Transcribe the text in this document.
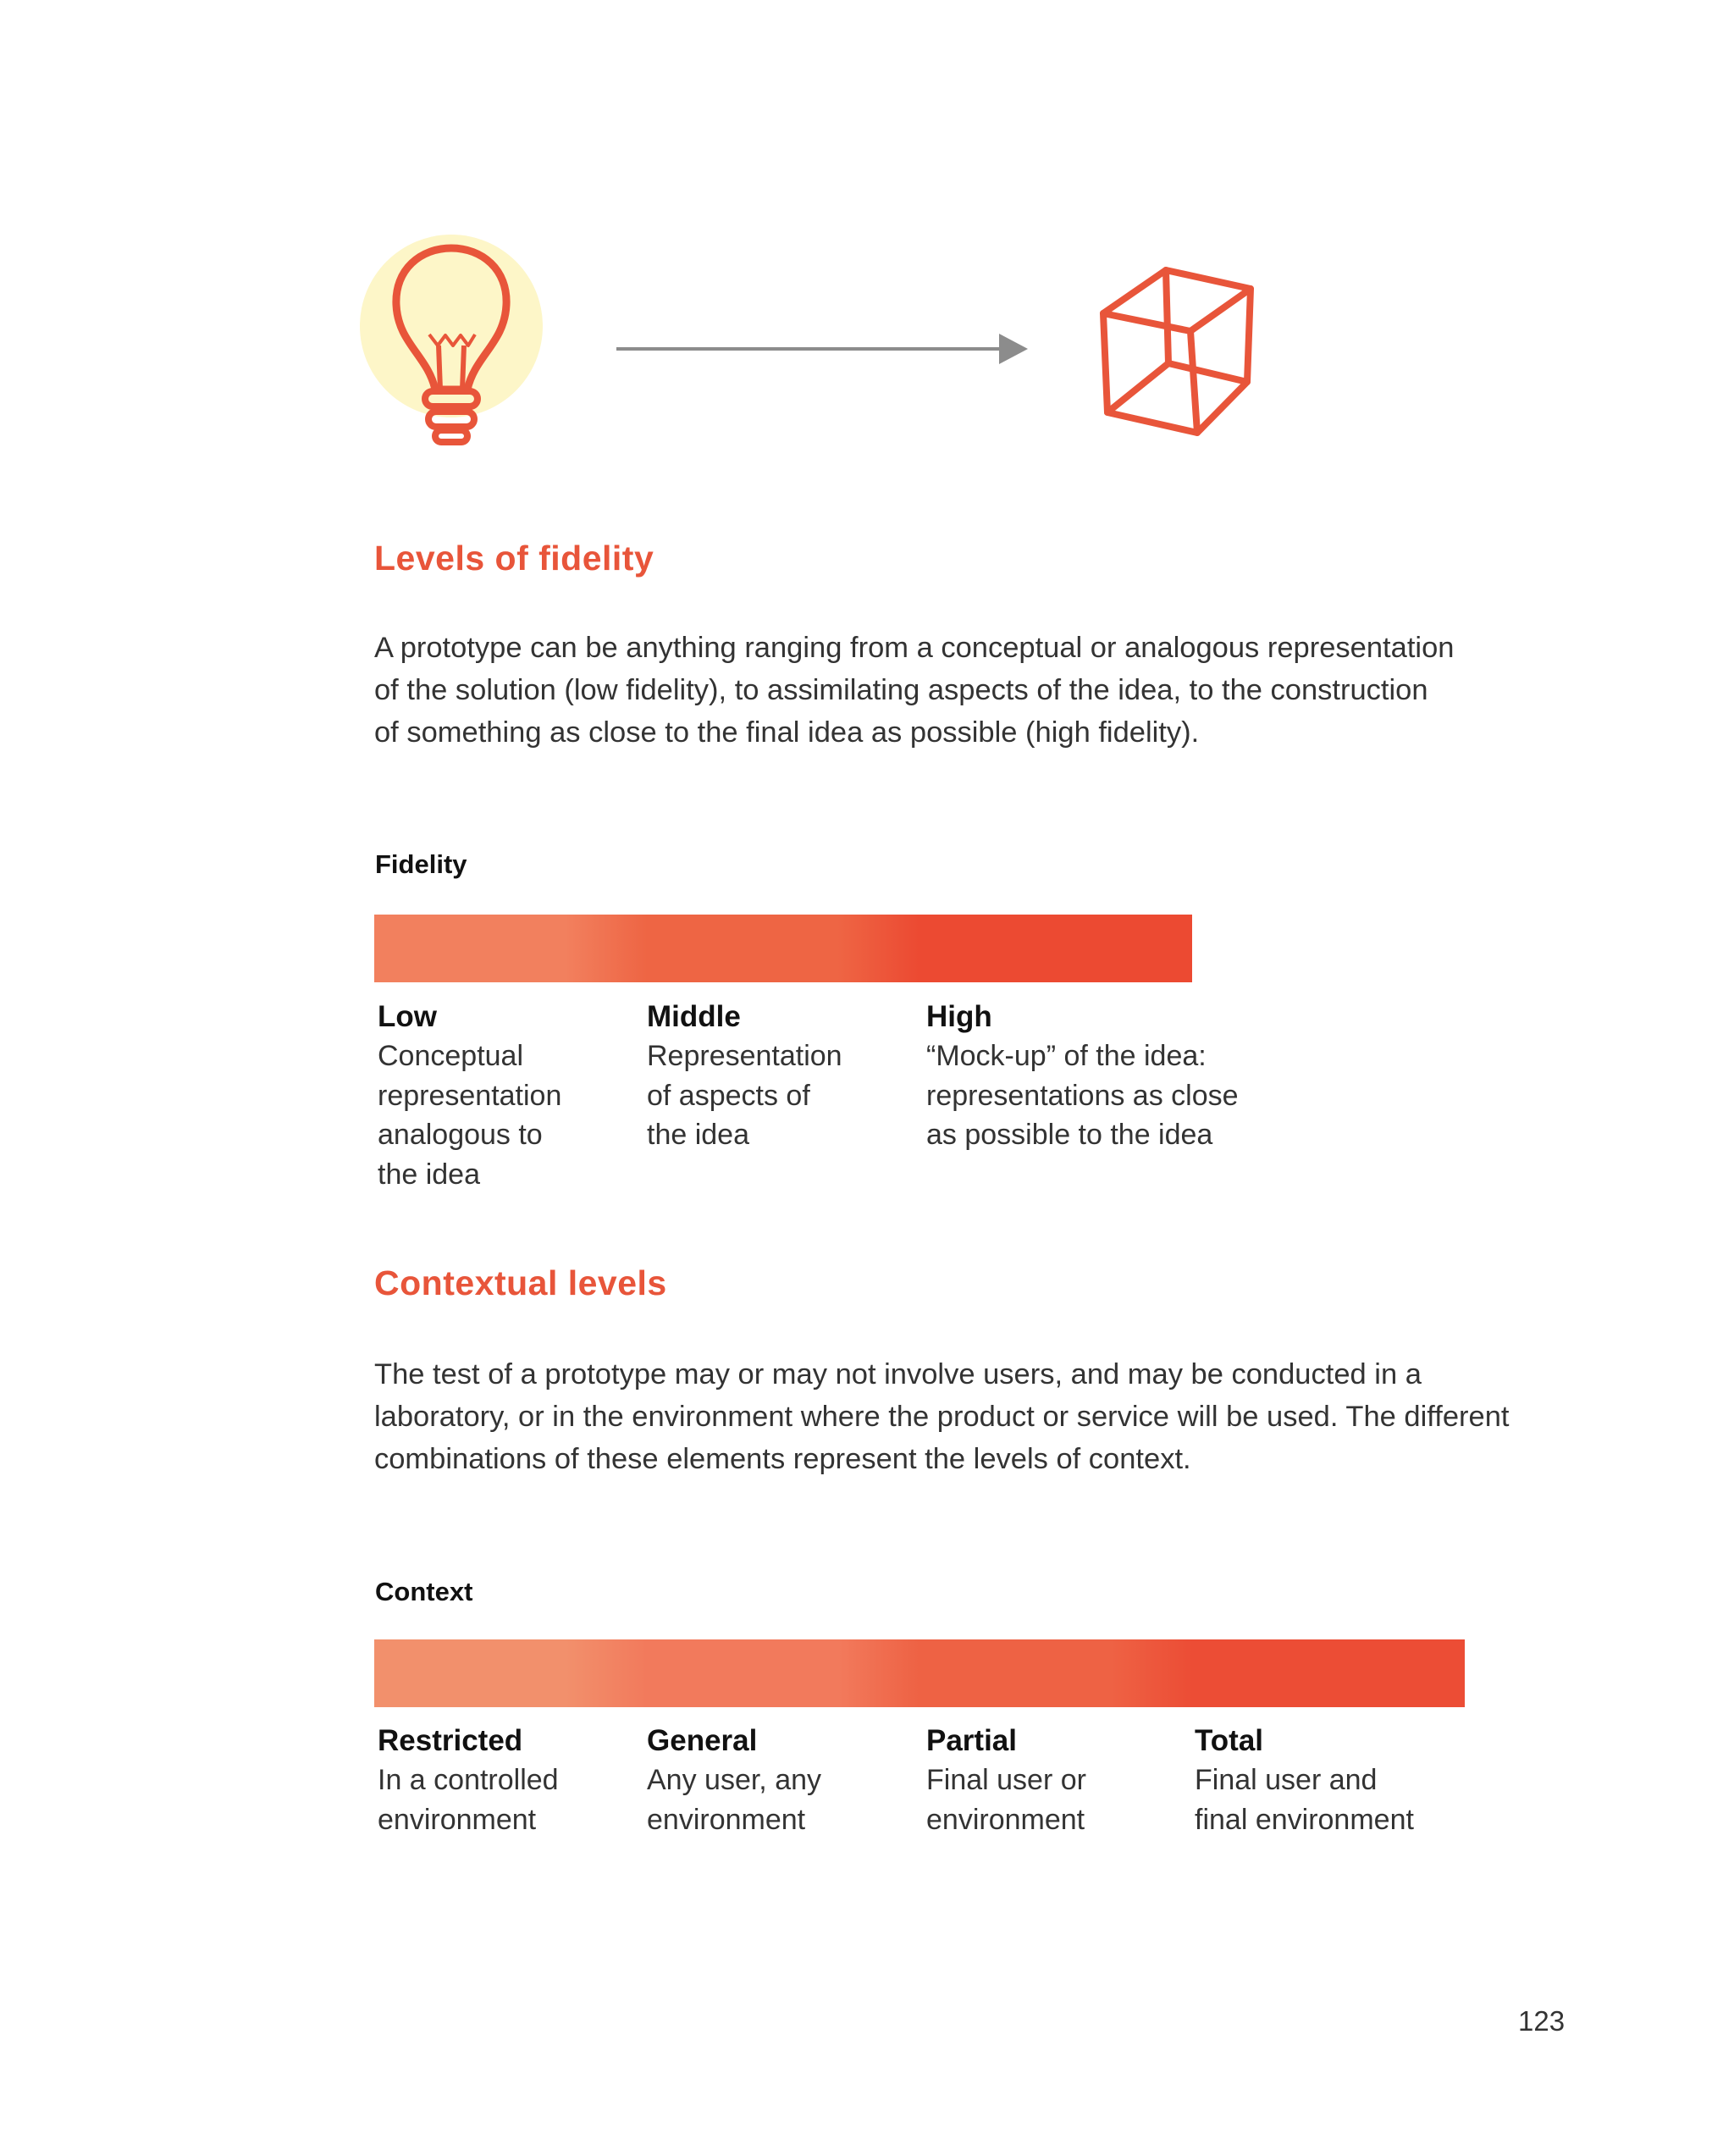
Levels of fidelity
A prototype can be anything ranging from a conceptual or analogous representation
of the solution (low fidelity), to assimilating aspects of the idea, to the construction
of something as close to the final idea as possible (high fidelity).
Fidelity
Low
Conceptual
representation
analogous to
the idea
Middle
Representation
of aspects of
the idea
High
“Mock-up” of the idea:
representations as close
as possible to the idea
Contextual levels
The test of a prototype may or may not involve users, and may be conducted in a
laboratory, or in the environment where the product or service will be used. The different
combinations of these elements represent the levels of context.
Context
Restricted
In a controlled
environment
General
Any user, any
environment
Partial
Final user or
environment
Total
Final user and
final environment
123
